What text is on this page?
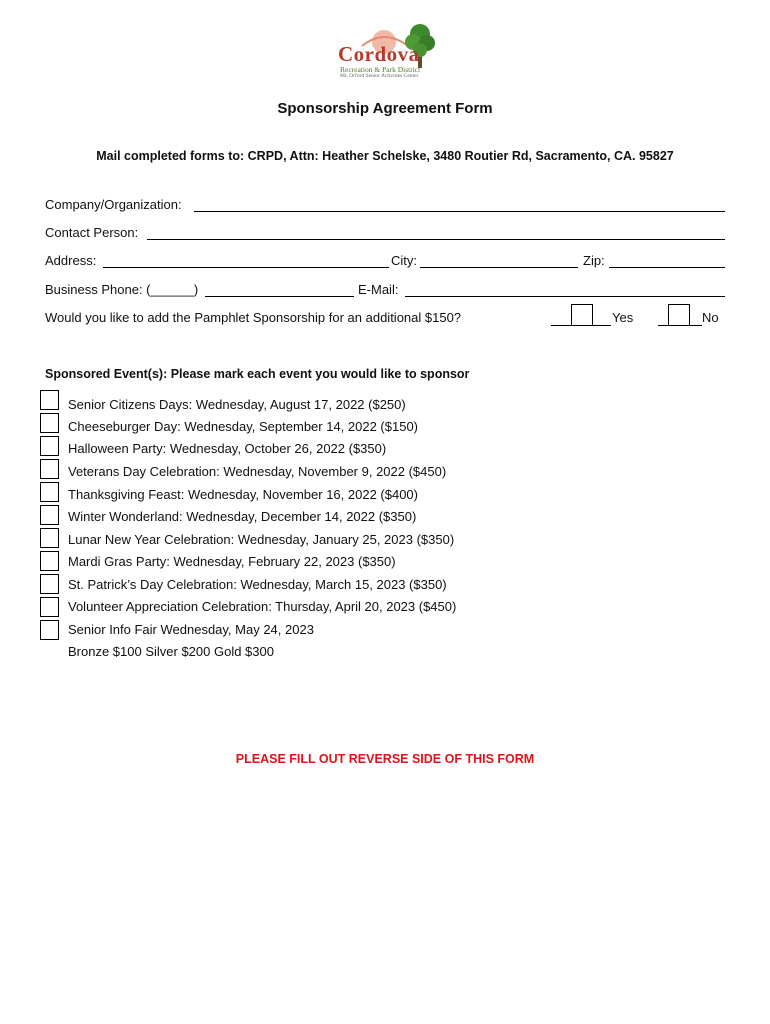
Cordova
Recreation & Park District
Mt. Orford Senior Activities Center
Sponsorship Agreement Form
Mail completed forms to: CRPD, Attn: Heather Schelske, 3480 Routier Rd, Sacramento, CA. 95827
Company/Organization:
Contact Person:
Address:	City:	Zip:
Business Phone: (______)	E-Mail:
Would you like to add the Pamphlet Sponsorship for an additional $150?	Yes	No
Sponsored Event(s): Please mark each event you would like to sponsor
Senior Citizens Days: Wednesday, August 17, 2022 ($250)
Cheeseburger Day: Wednesday, September 14, 2022 ($150)
Halloween Party: Wednesday, October 26, 2022 ($350)
Veterans Day Celebration: Wednesday, November 9, 2022 ($450)
Thanksgiving Feast: Wednesday, November 16, 2022 ($400)
Winter Wonderland: Wednesday, December 14, 2022 ($350)
Lunar New Year Celebration: Wednesday, January 25, 2023 ($350)
Mardi Gras Party: Wednesday, February 22, 2023 ($350)
St. Patrick’s Day Celebration: Wednesday, March 15, 2023 ($350)
Volunteer Appreciation Celebration: Thursday, April 20, 2023 ($450)
Senior Info Fair Wednesday, May 24, 2023
Bronze $100 Silver $200 Gold $300
PLEASE FILL OUT REVERSE SIDE OF THIS FORM
